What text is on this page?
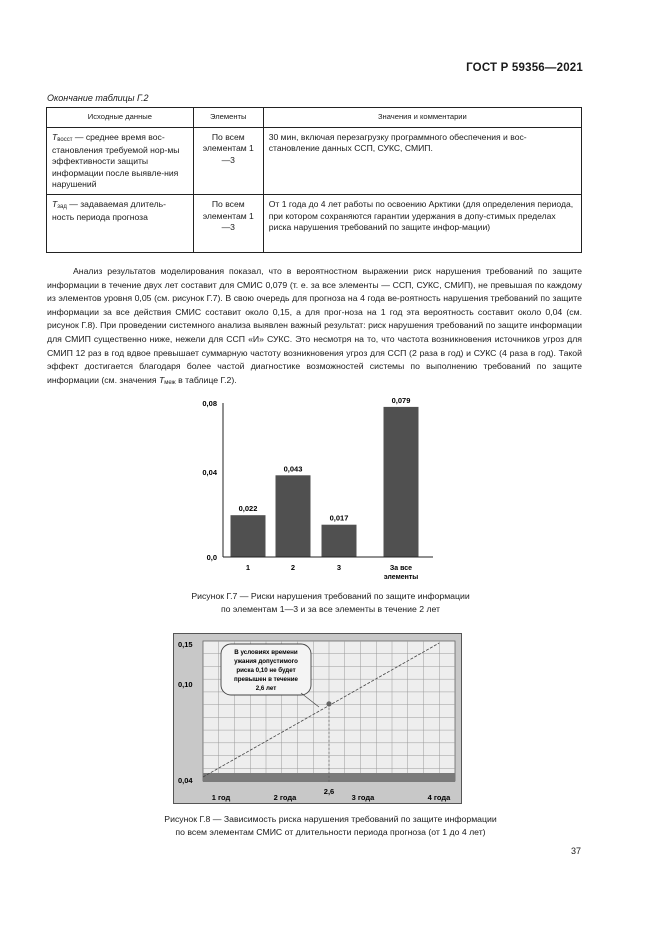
ГОСТ Р 59356—2021
Окончание таблицы Г.2
Исходные данные	Элементы	Значения и комментарии
Tвосст — среднее время вос-становления требуемой нор-мы эффективности защиты информации после выявле-ния нарушений	По всем элементам 1—3	30 мин, включая перезагрузку программного обеспечения и вос-становление данных ССП, СУКС, СМИП.
Tзад — задаваемая длитель-ность периода прогноза	По всем элементам 1—3	От 1 года до 4 лет работы по освоению Арктики (для определения периода, при котором сохраняются гарантии удержания в допу-стимых пределах риска нарушения требований по защите инфор-мации)

Анализ результатов моделирования показал, что в вероятностном выражении риск нарушения требований по защите информации в течение двух лет составит для СМИС 0,079 (т. е. за все элементы — ССП, СУКС, СМИП), не превышая по каждому из элементов уровня 0,05 (см. рисунок Г.7). В свою очередь для прогноза на 4 года ве-роятность нарушения требований по защите информации за все действия СМИС составит около 0,15, а для прог-ноза на 1 год эта вероятность составит около 0,04 (см. рисунок Г.8). При проведении системного анализа выявлен важный результат: риск нарушения требований по защите информации для СМИП существенно ниже, нежели для ССП «И» СУКС. Это несмотря на то, что частота возникновения источников угроз для СМИП 12 раз в год вдвое превышает суммарную частоту возникновения угроз для ССП (2 раза в год) и СУКС (4 раза в год). Такой эффект достигается благодаря более частой диагностике возможностей системы по выполнению требований по защите информации (см. значения Tмеж в таблице Г.2).

0,0
0,04
0,08
0,022
0,043
0,017
0,079
1	2	3	За все элементы
Рисунок Г.7 — Риски нарушения требований по защите информации
по элементам 1—3 и за все элементы в течение 2 лет
В условиях времени
ужания допустимого
риска 0,10 не будет
превышен в течение
2,6 лет
0,04
0,10
0,15
1 год	2 года	3 года	4 года
2,6
Рисунок Г.8 — Зависимость риска нарушения требований по защите информации
по всем элементам СМИС от длительности периода прогноза (от 1 до 4 лет)
37
